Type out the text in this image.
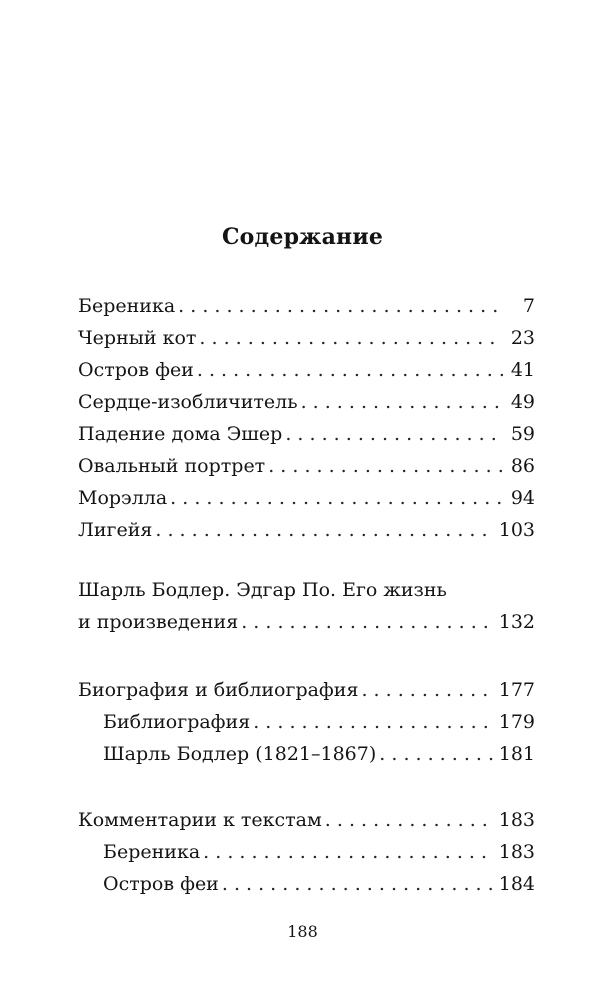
Содержание
Береника . . .	7
Черный кот . . .	23
Остров феи . . .	41
Сердце-изобличитель . . .	49
Падение дома Эшер . . .	59
Овальный портрет . . .	86
Морэлла . . .	94
Лигейя . . .	103
Шарль Бодлер. Эдгар По. Его жизнь
и произведения . . .	132
Биография и библиография . . .	177
Библиография . . .	179
Шарль Бодлер (1821–1867) . . .	181
Комментарии к текстам . . .	183
Береника . . .	183
Остров феи . . .	184
188
